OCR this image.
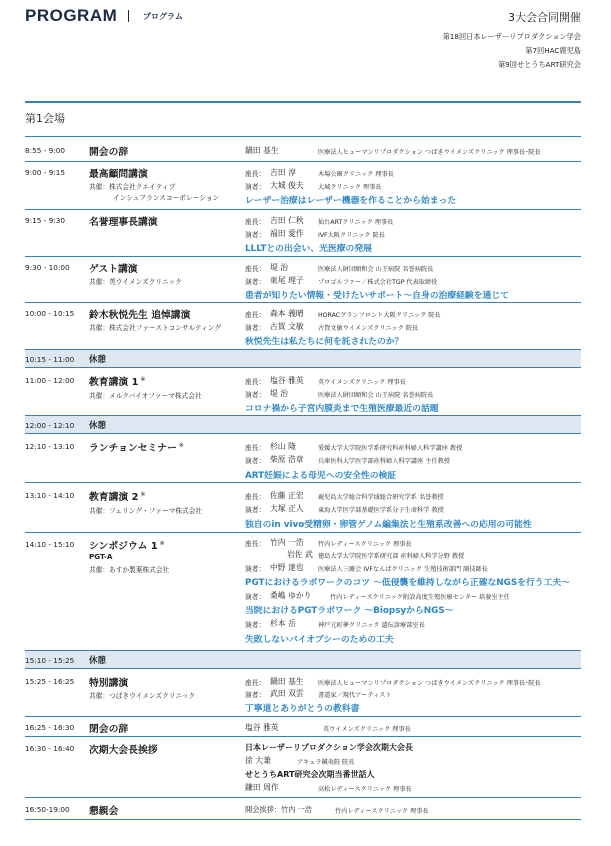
PROGRAM	プログラム	3大会合同開催
第18回日本レーザーリプロダクション学会
第7回HAC鹿児島
第9回せとうちART研究会
第1会場
8:55 - 9:00 開会の辞	鍋田 基生	医療法人ヒューマンリプロダクション つばきウイメンズクリニック 理事長･院長
9:00 - 9:15 最高顧問講演
共催：株式会社クエイティブ
インシュアランスコーポレーション
座長： 吉田 淳	木場公園クリニック 理事長
演者： 大城 俊夫 大城クリニック 理事長
レーザー治療はレーザー機器を作ることから始まった
9:15 - 9:30 名誉理事長講演	座長： 吉田 仁秋 仙台ARTクリニック 理事長
演者： 福田 愛作 IVF大阪クリニック 院長
LLLTとの出会い、光医療の発展
9:30 - 10:00 ゲスト講演
共催：英ウイメンズクリニック
座長： 堤 治	医療法人財団順和会 山王病院 名誉病院長
演者： 東尾 理子 プロゴルファー／株式会社TGP 代表取締役
患者が知りたい情報・受けたいサポート～自身の治療経験を通じて
10:00 - 10:15 鈴木秋悦先生 追悼講演
共催：株式会社ファーストコンサルティング
座長： 森本 義晴 HORACグランフロント大阪クリニック 院長
演者： 古賀 文敏 古賀文敏ウイメンズクリニック 院長
秋悦先生は私たちに何を託されたのか？
10:15 - 11:00 休憩
11:00 - 12:00 教育講演 1 ※
共催：メルクバイオファーマ株式会社
座長： 塩谷 雅英 英ウイメンズクリニック 理事長
演者： 堤 治	医療法人財団順和会 山王病院 名誉病院長
コロナ禍から子宮内膜炎まで生殖医療最近の話題
12:00 - 12:10 休憩
12:10 - 13:10 ランチョンセミナー ※	座長： 杉山 隆	愛媛大学大学院医学系研究科産科婦人科学講座 教授
演者： 柴原 浩章 兵庫医科大学医学部産科婦人科学講座 主任教授
ART妊娠による母児への安全性の検証
13:10 - 14:10 教育講演 2 ※
共催：フェリング・ファーマ株式会社
座長： 佐藤 正宏 鹿児島大学総合科学域総合研究学系 名誉教授
演者： 大塚 正人 東海大学医学部基礎医学系分子生命科学 教授
独自のin vivo受精卵・卵管ゲノム編集法と生殖系改善への応用の可能性
14:10 - 15:10 シンポジウム 1 ※
PGT-A
共催：あすか製薬株式会社
座長： 竹内 一浩 竹内レディースクリニック 理事長
岩佐 武 徳島大学大学院医学系研究部 産科婦人科学分野 教授
演者： 中野 達也 医療法人三慶会 IVFなんばクリニック 生殖技術部門 副技師長
PGTにおけるラボワークのコツ ～低侵襲を維持しながら正確なNGSを行う工夫～
演者： 桑嶋 ゆかり	竹内レディースクリニック附設高度生殖医療センター 培養室主任
当院におけるPGTラボワーク ～BiopsyからNGS～
演者： 杉本 岳	神戸元町夢クリニック 遺伝診療部室長
失敗しないバイオプシーのための工夫
15:10 - 15:25 休憩
15:25 - 16:25 特別講演
共催：つばきウイメンズクリニック
座長： 鍋田 基生 医療法人ヒューマンリプロダクション つばきウイメンズクリニック 理事長･院長
演者： 武田 双雲 書道家／現代アーティスト
丁寧道とありがとうの教科書
16:25 - 16:30 閉会の辞	塩谷 雅英	英ウイメンズクリニック 理事長
16:30 - 16:40 次期大会長挨拶	日本レーザーリプロダクション学会次期大会長
徐 大兼	アキュラ鍼灸院 院長
せとうちART研究会次期当番世話人
鎌田 周作	高松レディースクリニック 理事長
16:50-19:00 懇親会	開会挨拶：竹内 一浩	竹内レディースクリニック 理事長
